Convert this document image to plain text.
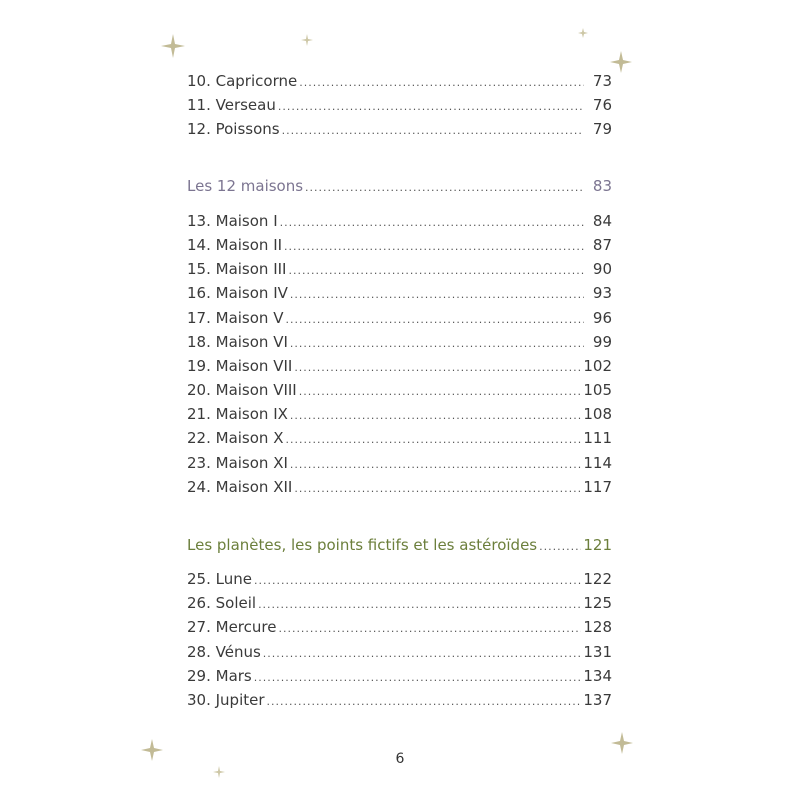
10. Capricorne .....	73
11. Verseau .....	76
12. Poissons .....	79
Les 12 maisons .....	83
13. Maison I .....	84
14. Maison II .....	87
15. Maison III .....	90
16. Maison IV .....	93
17. Maison V .....	96
18. Maison VI .....	99
19. Maison VII .....	102
20. Maison VIII .....	105
21. Maison IX .....	108
22. Maison X .....	111
23. Maison XI .....	114
24. Maison XII .....	117
Les planètes, les points fictifs et les astéroïdes .....	121
25. Lune .....	122
26. Soleil .....	125
27. Mercure .....	128
28. Vénus .....	131
29. Mars .....	134
30. Jupiter .....	137
6
